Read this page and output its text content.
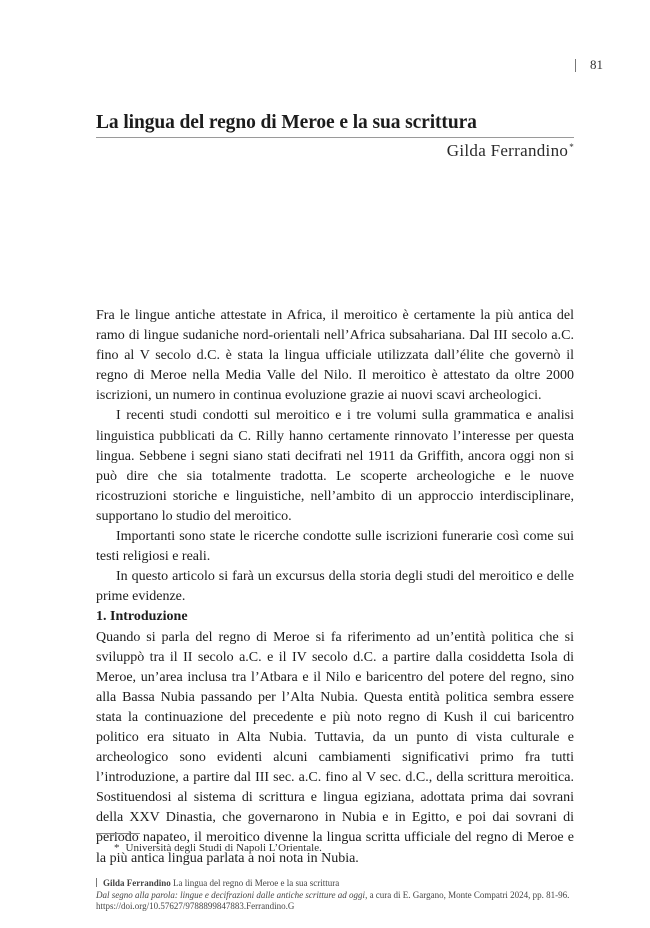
81
La lingua del regno di Meroe e la sua scrittura
Gilda Ferrandino*

Fra le lingue antiche attestate in Africa, il meroitico è certamente la più antica del ramo di lingue sudaniche nord-orientali nell’Africa subsahariana. Dal III secolo a.C. fino al V secolo d.C. è stata la lingua ufficiale utilizzata dall’élite che governò il regno di Meroe nella Media Valle del Nilo. Il meroitico è attestato da oltre 2000 iscrizioni, un numero in continua evoluzione grazie ai nuovi scavi archeologici.

I recenti studi condotti sul meroitico e i tre volumi sulla grammatica e analisi linguistica pubblicati da C. Rilly hanno certamente rinnovato l’interesse per questa lingua. Sebbene i segni siano stati decifrati nel 1911 da Griffith, ancora oggi non si può dire che sia totalmente tradotta. Le scoperte archeologiche e le nuove ricostruzioni storiche e linguistiche, nell’ambito di un approccio interdisciplinare, supportano lo studio del meroitico.

Importanti sono state le ricerche condotte sulle iscrizioni funerarie così come sui testi religiosi e reali.

In questo articolo si farà un excursus della storia degli studi del meroitico e delle prime evidenze.

1. Introduzione

Quando si parla del regno di Meroe si fa riferimento ad un’entità politica che si sviluppò tra il II secolo a.C. e il IV secolo d.C. a partire dalla cosiddetta Isola di Meroe, un’area inclusa tra l’Atbara e il Nilo e baricentro del potere del regno, sino alla Bassa Nubia passando per l’Alta Nubia. Questa entità politica sembra essere stata la continuazione del precedente e più noto regno di Kush il cui baricentro politico era situato in Alta Nubia. Tuttavia, da un punto di vista culturale e archeologico sono evidenti alcuni cambiamenti significativi primo fra tutti l’introduzione, a partire dal III sec. a.C. fino al V sec. d.C., della scrittura meroitica. Sostituendosi al sistema di scrittura e lingua egiziana, adottata prima dai sovrani della XXV Dinastia, che governarono in Nubia e in Egitto, e poi dai sovrani di periodo napateo, il meroitico divenne la lingua scritta ufficiale del regno di Meroe e la più antica lingua parlata a noi nota in Nubia.

* Università degli Studi di Napoli L’Orientale.
Gilda Ferrandino La lingua del regno di Meroe e la sua scrittura
Dal segno alla parola: lingue e decifrazioni dalle antiche scritture ad oggi, a cura di E. Gargano, Monte Compatri 2024, pp. 81-96.
https://doi.org/10.57627/9788899847883.Ferrandino.G
